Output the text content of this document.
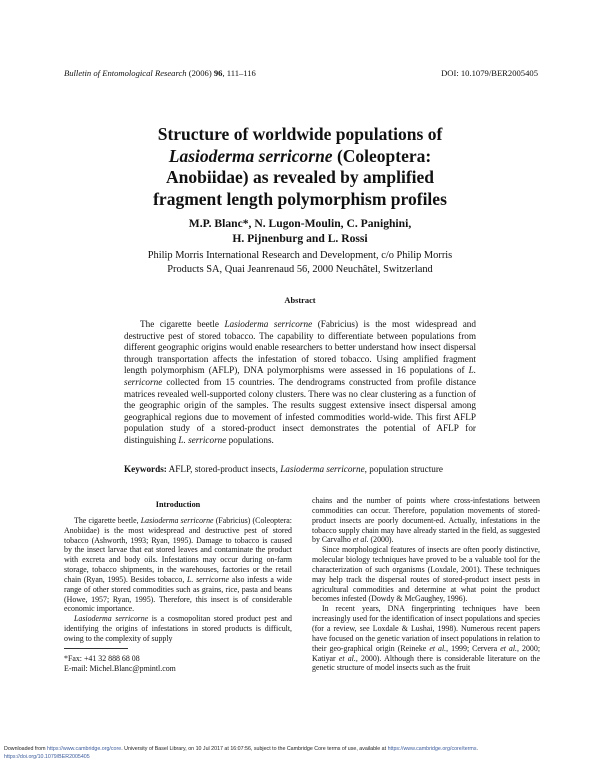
Bulletin of Entomological Research (2006) 96, 111–116	DOI: 10.1079/BER2005405
Structure of worldwide populations of
Lasioderma serricorne (Coleoptera:
Anobiidae) as revealed by amplified
fragment length polymorphism profiles
M.P. Blanc*, N. Lugon-Moulin, C. Panighini,
H. Pijnenburg and L. Rossi
Philip Morris International Research and Development, c/o Philip Morris
Products SA, Quai Jeanrenaud 56, 2000 Neuchâtel, Switzerland
Abstract

The cigarette beetle Lasioderma serricorne (Fabricius) is the most widespread and destructive pest of stored tobacco. The capability to differentiate between populations from different geographic origins would enable researchers to better understand how insect dispersal through transportation affects the infestation of stored tobacco. Using amplified fragment length polymorphism (AFLP), DNA polymorphisms were assessed in 16 populations of L. serricorne collected from 15 countries. The dendrograms constructed from profile distance matrices revealed well-supported colony clusters. There was no clear clustering as a function of the geographic origin of the samples. The results suggest extensive insect dispersal among geographical regions due to movement of infested commodities world-wide. This first AFLP population study of a stored-product insect demonstrates the potential of AFLP for distinguishing L. serricorne populations.

Keywords: AFLP, stored-product insects, Lasioderma serricorne, population structure
Introduction

The cigarette beetle, Lasioderma serricorne (Fabricius) (Coleoptera: Anobiidae) is the most widespread and destructive pest of stored tobacco (Ashworth, 1993; Ryan, 1995). Damage to tobacco is caused by the insect larvae that eat stored leaves and contaminate the product with excreta and body oils. Infestations may occur during on-farm storage, tobacco shipments, in the warehouses, factories or the retail chain (Ryan, 1995). Besides tobacco, L. serricorne also infests a wide range of other stored commodities such as grains, rice, pasta and beans (Howe, 1957; Ryan, 1995). Therefore, this insect is of considerable economic importance.

Lasioderma serricorne is a cosmopolitan stored product pest and identifying the origins of infestations in stored products is difficult, owing to the complexity of supply

chains and the number of points where cross-infestations between commodities can occur. Therefore, population movements of stored-product insects are poorly document-ed. Actually, infestations in the tobacco supply chain may have already started in the field, as suggested by Carvalho et al. (2000).

Since morphological features of insects are often poorly distinctive, molecular biology techniques have proved to be a valuable tool for the characterization of such organisms (Loxdale, 2001). These techniques may help track the dispersal routes of stored-product insect pests in agricultural commodities and determine at what point the product becomes infested (Dowdy & McGaughey, 1996).

In recent years, DNA fingerprinting techniques have been increasingly used for the identification of insect populations and species (for a review, see Loxdale & Lushai, 1998). Numerous recent papers have focused on the genetic variation of insect populations in relation to their geo-graphical origin (Reineke et al., 1999; Cervera et al., 2000; Katiyar et al., 2000). Although there is considerable literature on the genetic structure of model insects such as the fruit

*Fax: +41 32 888 68 08
E-mail: Michel.Blanc@pmintl.com
Downloaded from https://www.cambridge.org/core. University of Basel Library, on 10 Jul 2017 at 16:07:56, subject to the Cambridge Core terms of use, available at https://www.cambridge.org/core/terms.
https://doi.org/10.1079/BER2005405
